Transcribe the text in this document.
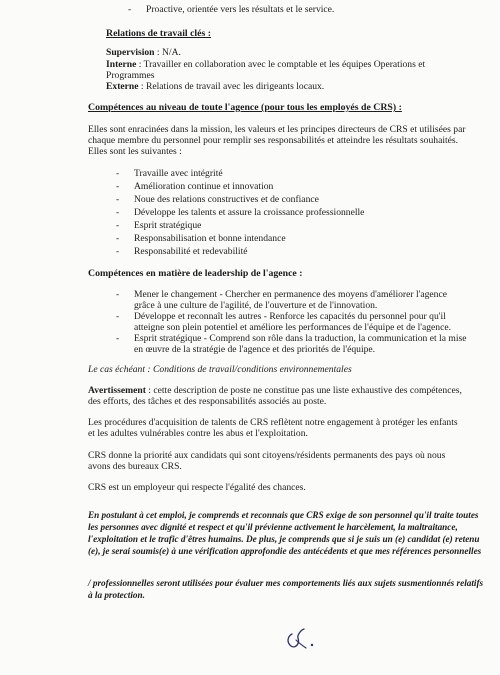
- Proactive, orientée vers les résultats et le service.
Relations de travail clés :
Supervision : N/A.
Interne : Travailler en collaboration avec le comptable et les équipes Operations et
Programmes
Externe : Relations de travail avec les dirigeants locaux.
Compétences au niveau de toute l'agence (pour tous les employés de CRS) :
Elles sont enracinées dans la mission, les valeurs et les principes directeurs de CRS et utilisées par
chaque membre du personnel pour remplir ses responsabilités et atteindre les résultats souhaités.
Elles sont les suivantes :
- Travaille avec intégrité
- Amélioration continue et innovation
- Noue des relations constructives et de confiance
- Développe les talents et assure la croissance professionnelle
- Esprit stratégique
- Responsabilisation et bonne intendance
- Responsabilité et redevabilité
Compétences en matière de leadership de l'agence :
- Mener le changement - Chercher en permanence des moyens d'améliorer l'agence
grâce à une culture de l'agilité, de l'ouverture et de l'innovation.
- Développe et reconnaît les autres - Renforce les capacités du personnel pour qu'il
atteigne son plein potentiel et améliore les performances de l'équipe et de l'agence.
- Esprit stratégique - Comprend son rôle dans la traduction, la communication et la mise
en œuvre de la stratégie de l'agence et des priorités de l'équipe.
Le cas échéant : Conditions de travail/conditions environnementales
Avertissement : cette description de poste ne constitue pas une liste exhaustive des compétences,
des efforts, des tâches et des responsabilités associés au poste.
Les procédures d'acquisition de talents de CRS reflètent notre engagement à protéger les enfants
et les adultes vulnérables contre les abus et l'exploitation.
CRS donne la priorité aux candidats qui sont citoyens/résidents permanents des pays où nous
avons des bureaux CRS.
CRS est un employeur qui respecte l'égalité des chances.
En postulant à cet emploi, je comprends et reconnais que CRS exige de son personnel qu'il traite toutes
les personnes avec dignité et respect et qu'il prévienne activement le harcèlement, la maltraitance,
l'exploitation et le trafic d'êtres humains. De plus, je comprends que si je suis un (e) candidat (e) retenu
(e), je serai soumis(e) à une vérification approfondie des antécédents et que mes références personnelles
/ professionnelles seront utilisées pour évaluer mes comportements liés aux sujets susmentionnés relatifs
à la protection.
